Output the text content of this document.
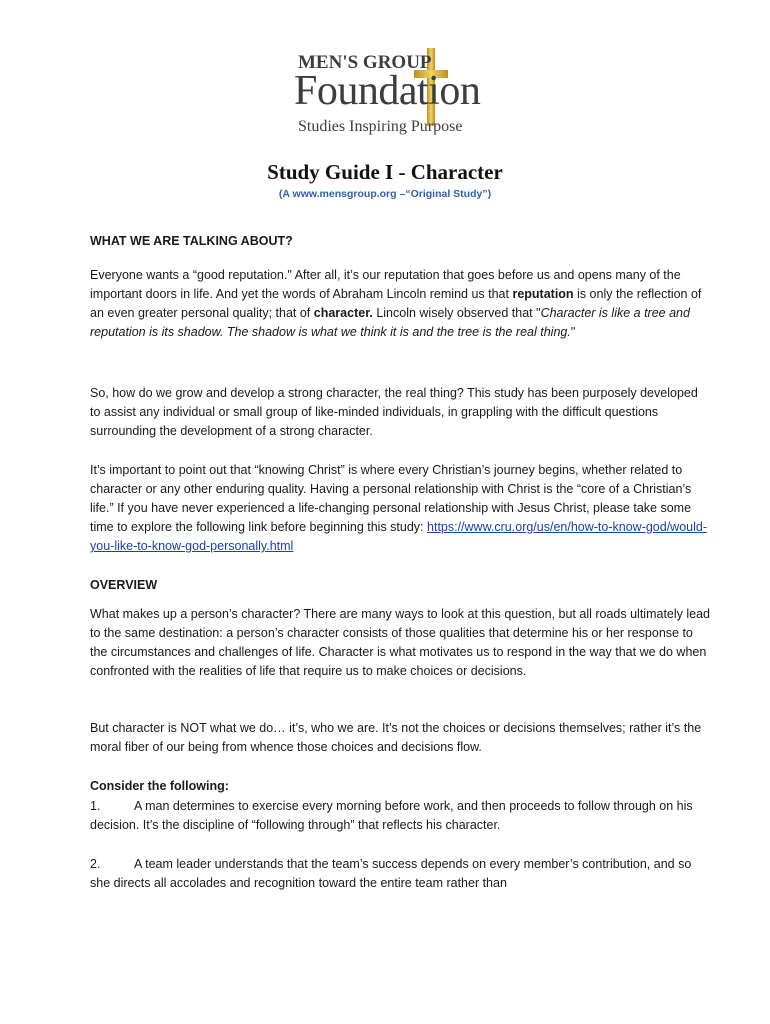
MEN'S GROUP
Foundation
Studies Inspiring Purpose
Study Guide I - Character
(A www.mensgroup.org –“Original Study”)
WHAT WE ARE TALKING ABOUT?
Everyone wants a “good reputation." After all, it’s our reputation that goes before us and opens many of the important doors in life. And yet the words of Abraham Lincoln remind us that reputation is only the reflection of an even greater personal quality; that of character. Lincoln wisely observed that "Character is like a tree and reputation is its shadow. The shadow is what we think it is and the tree is the real thing."
So, how do we grow and develop a strong character, the real thing? This study has been purposely developed to assist any individual or small group of like-minded individuals, in grappling with the difficult questions surrounding the development of a strong character.
It’s important to point out that “knowing Christ” is where every Christian’s journey begins, whether related to character or any other enduring quality. Having a personal relationship with Christ is the “core of a Christian’s life.” If you have never experienced a life-changing personal relationship with Jesus Christ, please take some time to explore the following link before beginning this study: https://www.cru.org/us/en/how-to-know-god/would-you-like-to-know-god-personally.html
OVERVIEW
What makes up a person’s character? There are many ways to look at this question, but all roads ultimately lead to the same destination: a person’s character consists of those qualities that determine his or her response to the circumstances and challenges of life. Character is what motivates us to respond in the way that we do when confronted with the realities of life that require us to make choices or decisions.
But character is NOT what we do… it’s, who we are. It’s not the choices or decisions themselves; rather it’s the moral fiber of our being from whence those choices and decisions flow.
Consider the following:
1.	A man determines to exercise every morning before work, and then proceeds to follow through on his decision. It’s the discipline of “following through” that reflects his character.
2.	A team leader understands that the team’s success depends on every member’s contribution, and so she directs all accolades and recognition toward the entire team rather than
